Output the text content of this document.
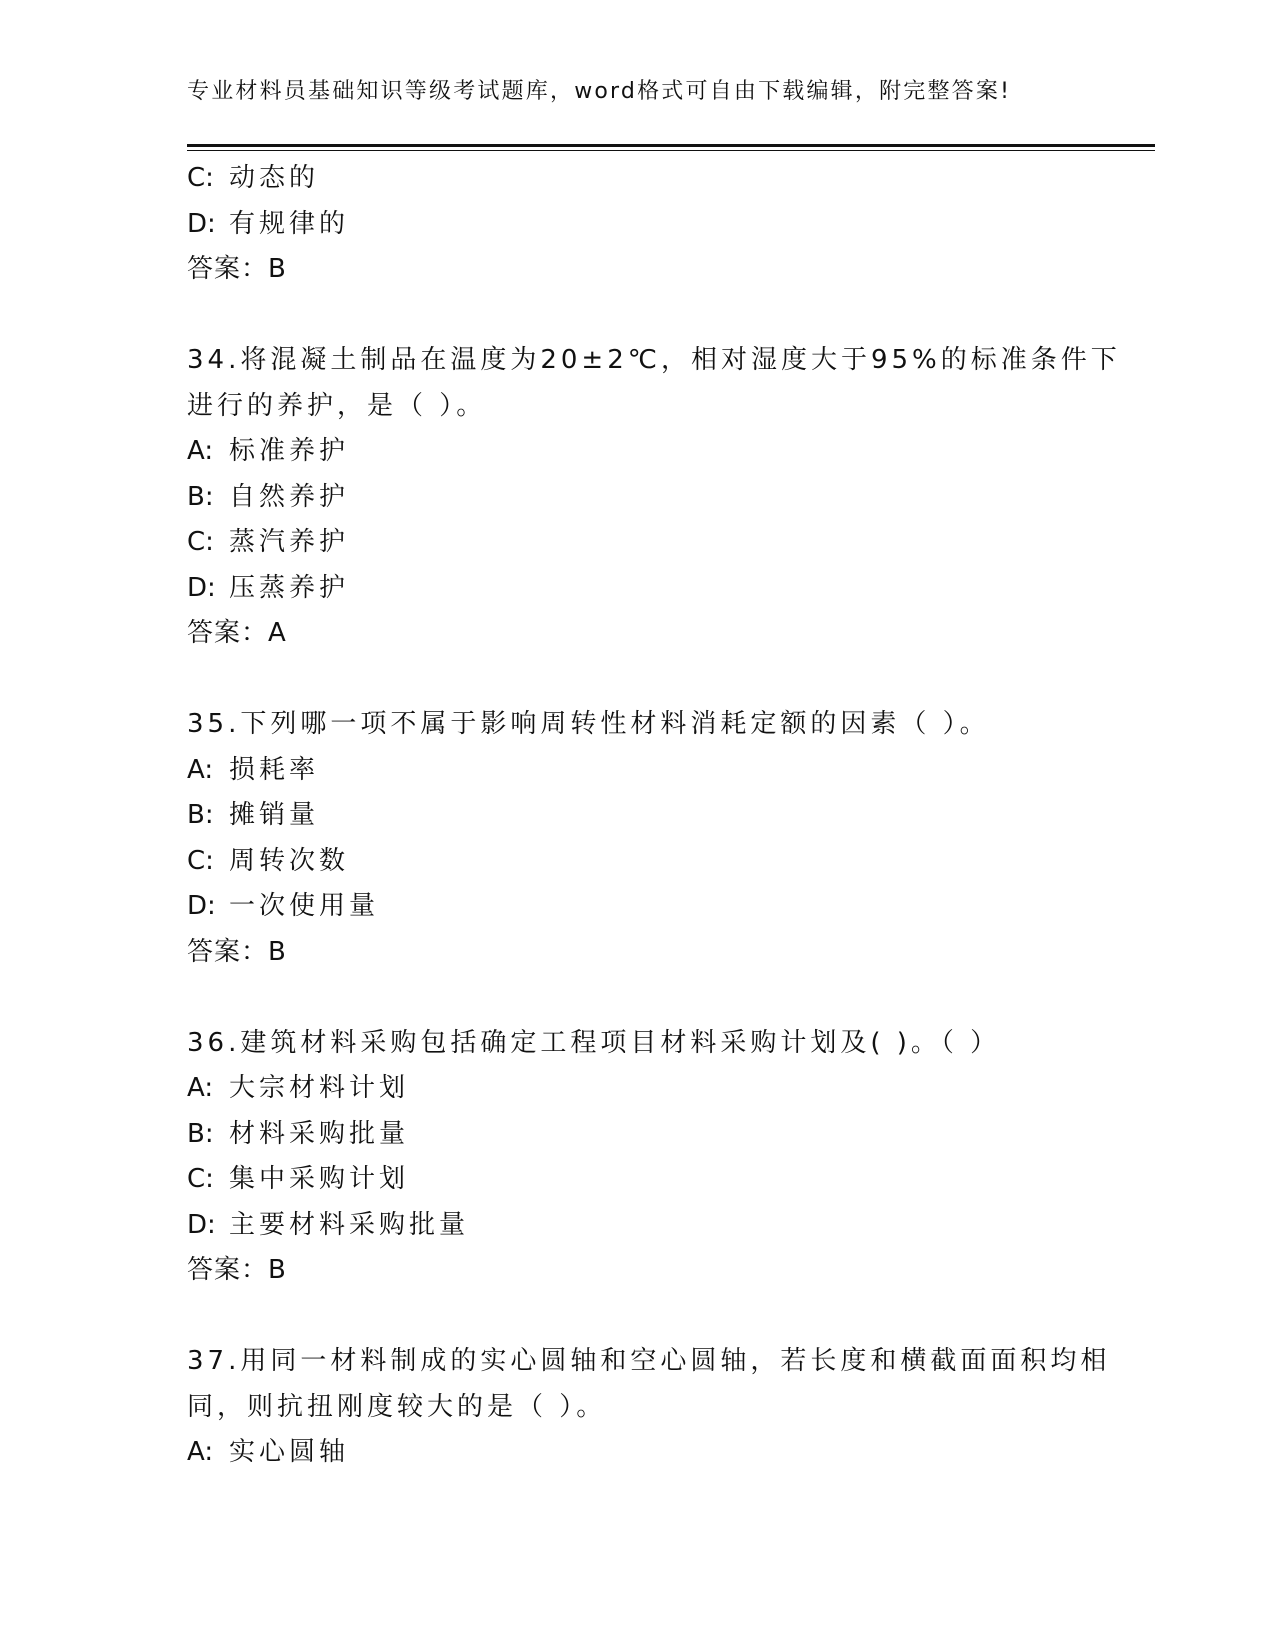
专业材料员基础知识等级考试题库，word格式可自由下载编辑，附完整答案!
C: 动态的
D: 有规律的
答案：B
34.将混凝土制品在温度为20±2℃，相对湿度大于95%的标准条件下
进行的养护，是（ ）。
A: 标准养护
B: 自然养护
C: 蒸汽养护
D: 压蒸养护
答案：A
35.下列哪一项不属于影响周转性材料消耗定额的因素（ ）。
A: 损耗率
B: 摊销量
C: 周转次数
D: 一次使用量
答案：B
36.建筑材料采购包括确定工程项目材料采购计划及( )。（ ）
A: 大宗材料计划
B: 材料采购批量
C: 集中采购计划
D: 主要材料采购批量
答案：B
37.用同一材料制成的实心圆轴和空心圆轴，若长度和横截面面积均相
同，则抗扭刚度较大的是（ ）。
A: 实心圆轴
